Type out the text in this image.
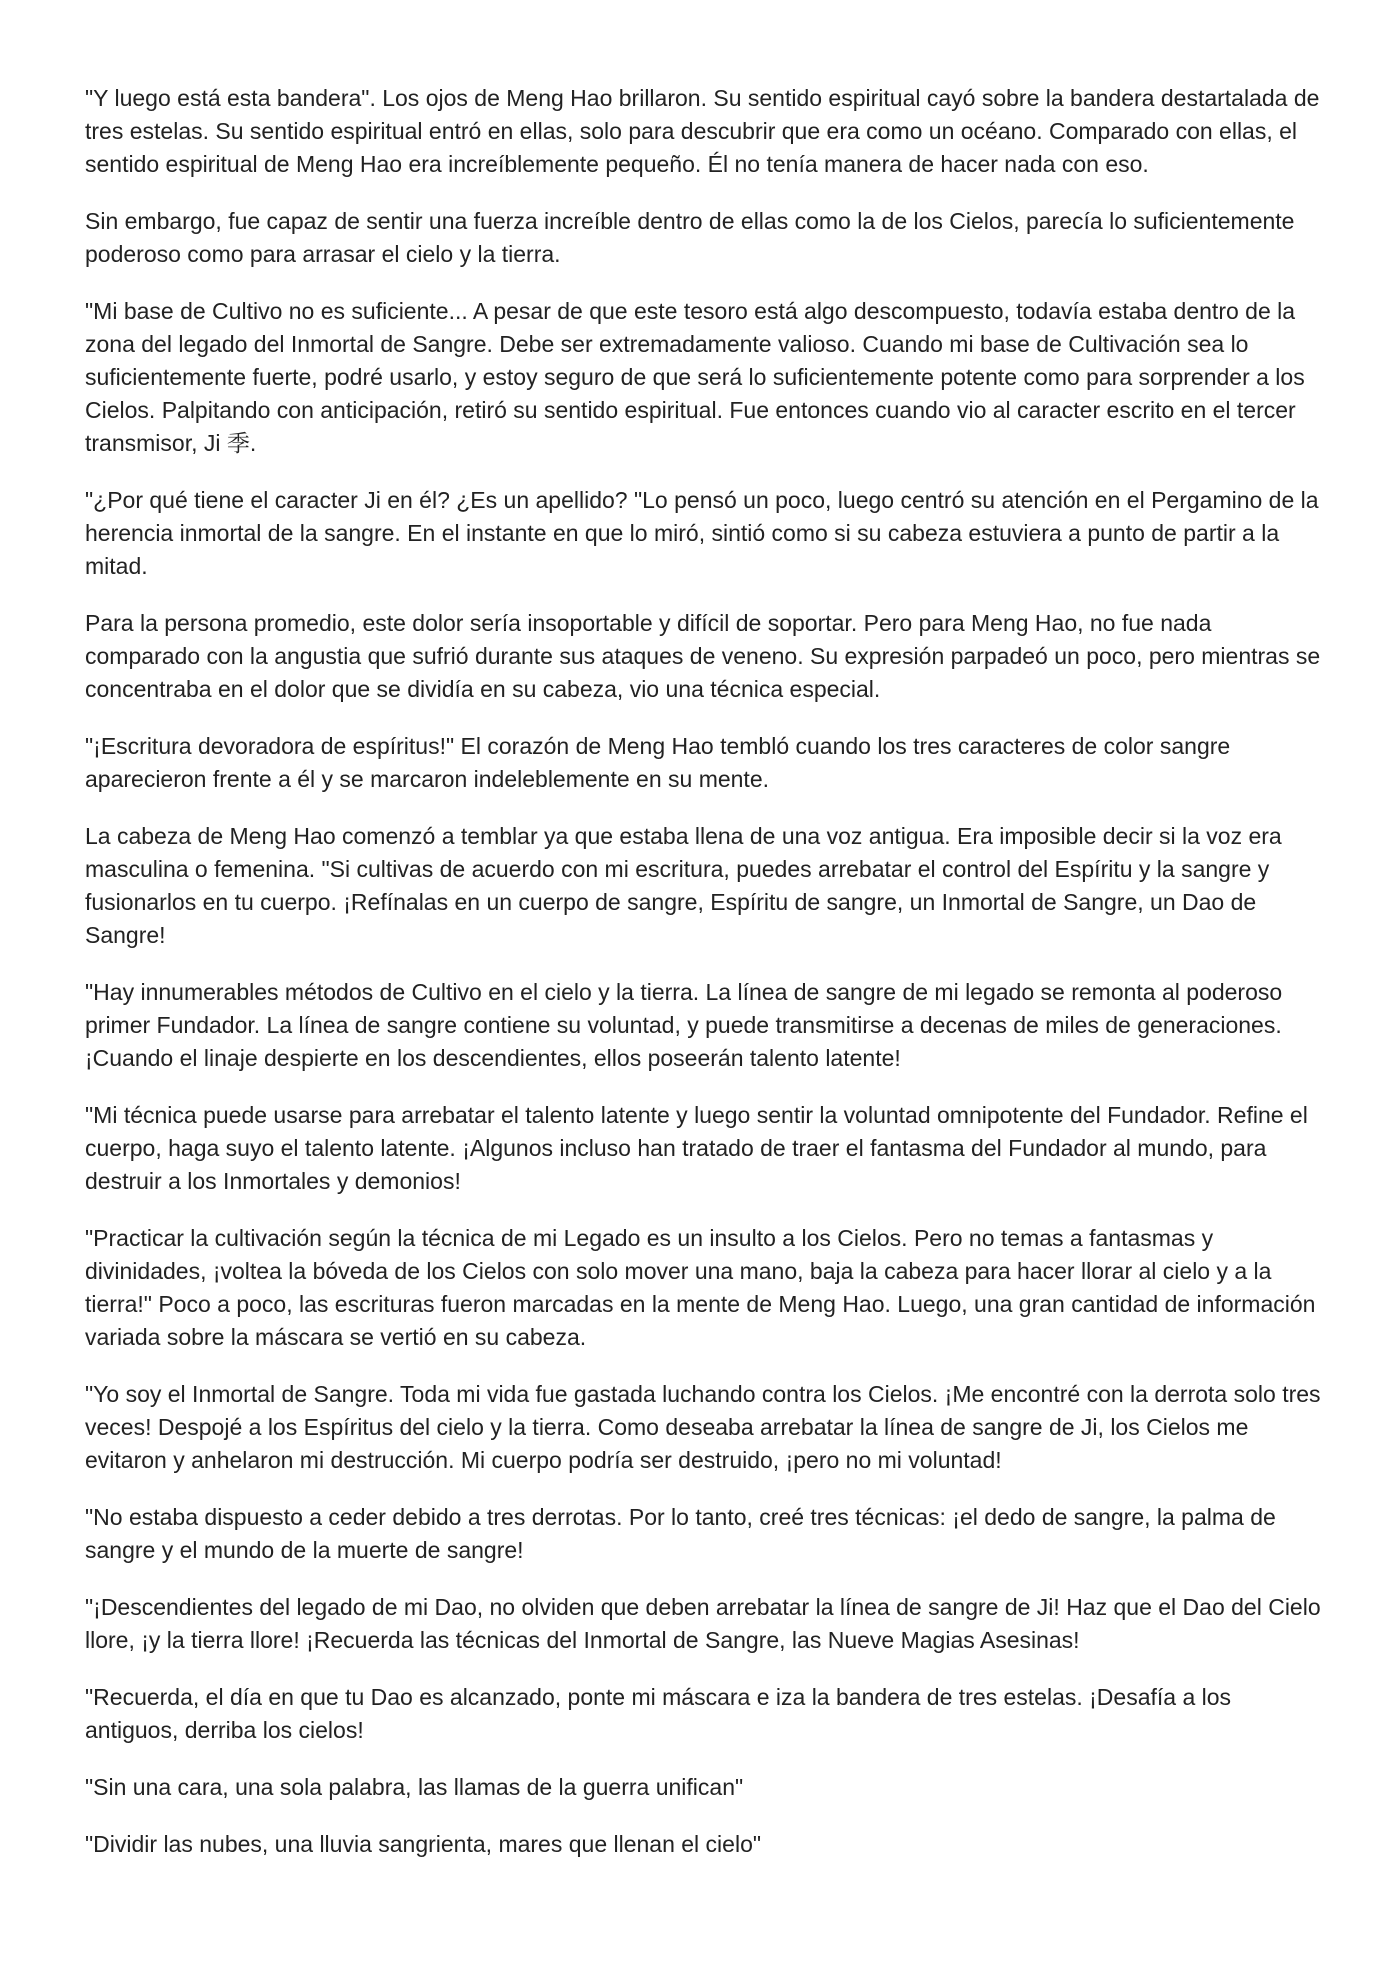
"Y luego está esta bandera". Los ojos de Meng Hao brillaron. Su sentido espiritual cayó sobre la bandera destartalada de tres estelas. Su sentido espiritual entró en ellas, solo para descubrir que era como un océano. Comparado con ellas, el sentido espiritual de Meng Hao era increíblemente pequeño. Él no tenía manera de hacer nada con eso.

Sin embargo, fue capaz de sentir una fuerza increíble dentro de ellas como la de los Cielos, parecía lo suficientemente poderoso como para arrasar el cielo y la tierra.

"Mi base de Cultivo no es suficiente... A pesar de que este tesoro está algo descompuesto, todavía estaba dentro de la zona del legado del Inmortal de Sangre. Debe ser extremadamente valioso. Cuando mi base de Cultivación sea lo suficientemente fuerte, podré usarlo, y estoy seguro de que será lo suficientemente potente como para sorprender a los Cielos. Palpitando con anticipación, retiró su sentido espiritual. Fue entonces cuando vio al caracter escrito en el tercer transmisor, Ji 季.

"¿Por qué tiene el caracter Ji en él? ¿Es un apellido? "Lo pensó un poco, luego centró su atención en el Pergamino de la herencia inmortal de la sangre. En el instante en que lo miró, sintió como si su cabeza estuviera a punto de partir a la mitad.

Para la persona promedio, este dolor sería insoportable y difícil de soportar. Pero para Meng Hao, no fue nada comparado con la angustia que sufrió durante sus ataques de veneno. Su expresión parpadeó un poco, pero mientras se concentraba en el dolor que se dividía en su cabeza, vio una técnica especial.

"¡Escritura devoradora de espíritus!" El corazón de Meng Hao tembló cuando los tres caracteres de color sangre aparecieron frente a él y se marcaron indeleblemente en su mente.

La cabeza de Meng Hao comenzó a temblar ya que estaba llena de una voz antigua. Era imposible decir si la voz era masculina o femenina. "Si cultivas de acuerdo con mi escritura, puedes arrebatar el control del Espíritu y la sangre y fusionarlos en tu cuerpo. ¡Refínalas en un cuerpo de sangre, Espíritu de sangre, un Inmortal de Sangre, un Dao de Sangre!

"Hay innumerables métodos de Cultivo en el cielo y la tierra. La línea de sangre de mi legado se remonta al poderoso primer Fundador. La línea de sangre contiene su voluntad, y puede transmitirse a decenas de miles de generaciones. ¡Cuando el linaje despierte en los descendientes, ellos poseerán talento latente!

"Mi técnica puede usarse para arrebatar el talento latente y luego sentir la voluntad omnipotente del Fundador. Refine el cuerpo, haga suyo el talento latente. ¡Algunos incluso han tratado de traer el fantasma del Fundador al mundo, para destruir a los Inmortales y demonios!

"Practicar la cultivación según la técnica de mi Legado es un insulto a los Cielos. Pero no temas a fantasmas y divinidades, ¡voltea la bóveda de los Cielos con solo mover una mano, baja la cabeza para hacer llorar al cielo y a la tierra!" Poco a poco, las escrituras fueron marcadas en la mente de Meng Hao. Luego, una gran cantidad de información variada sobre la máscara se vertió en su cabeza.

"Yo soy el Inmortal de Sangre. Toda mi vida fue gastada luchando contra los Cielos. ¡Me encontré con la derrota solo tres veces! Despojé a los Espíritus del cielo y la tierra. Como deseaba arrebatar la línea de sangre de Ji, los Cielos me evitaron y anhelaron mi destrucción. Mi cuerpo podría ser destruido, ¡pero no mi voluntad!

"No estaba dispuesto a ceder debido a tres derrotas. Por lo tanto, creé tres técnicas: ¡el dedo de sangre, la palma de sangre y el mundo de la muerte de sangre!

"¡Descendientes del legado de mi Dao, no olviden que deben arrebatar la línea de sangre de Ji! Haz que el Dao del Cielo llore, ¡y la tierra llore! ¡Recuerda las técnicas del Inmortal de Sangre, las Nueve Magias Asesinas!

"Recuerda, el día en que tu Dao es alcanzado, ponte mi máscara e iza la bandera de tres estelas. ¡Desafía a los antiguos, derriba los cielos!

"Sin una cara, una sola palabra, las llamas de la guerra unifican"

"Dividir las nubes, una lluvia sangrienta, mares que llenan el cielo"
